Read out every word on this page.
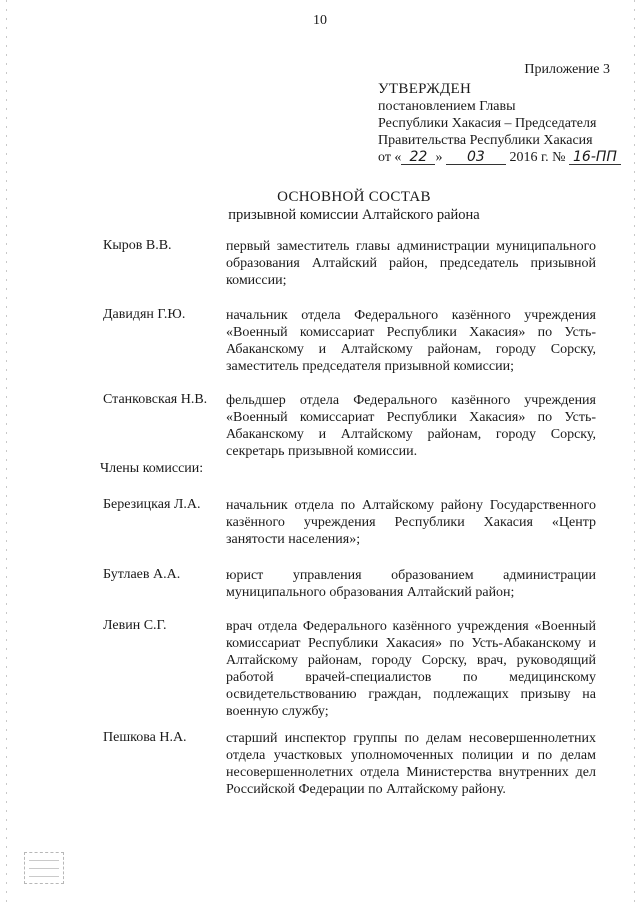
10
Приложение 3
УТВЕРЖДЕН
постановлением Главы
Республики Хакасия – Председателя
Правительства Республики Хакасия
от « 22 » 03 2016 г. № 16-ПП
ОСНОВНОЙ СОСТАВ
призывной комиссии Алтайского района
Кыров В.В.	первый заместитель главы администрации муниципального образования Алтайский район, председатель призывной комиссии;
Давидян Г.Ю.	начальник отдела Федерального казённого учреждения «Военный комиссариат Республики Хакасия» по Усть-Абаканскому и Алтайскому районам, городу Сорску, заместитель председателя призывной комиссии;
Станковская Н.В. фельдшер отдела Федерального казённого учреждения «Военный комиссариат Республики Хакасия» по Усть-Абаканскому и Алтайскому районам, городу Сорску, секретарь призывной комиссии.
Члены комиссии:
Березицкая Л.А. начальник отдела по Алтайскому району Государственного казённого учреждения Республики Хакасия «Центр занятости населения»;
Бутлаев А.А.	юрист управления образованием администрации муниципального образования Алтайский район;
Левин С.Г.	врач отдела Федерального казённого учреждения «Военный комиссариат Республики Хакасия» по Усть-Абаканскому и Алтайскому районам, городу Сорску, врач, руководящий работой врачей-специалистов по медицинскому освидетельствованию граждан, подлежащих призыву на военную службу;
Пешкова Н.А.	старший инспектор группы по делам несовершеннолетних отдела участковых уполномоченных полиции и по делам несовершеннолетних отдела Министерства внутренних дел Российской Федерации по Алтайскому району.
